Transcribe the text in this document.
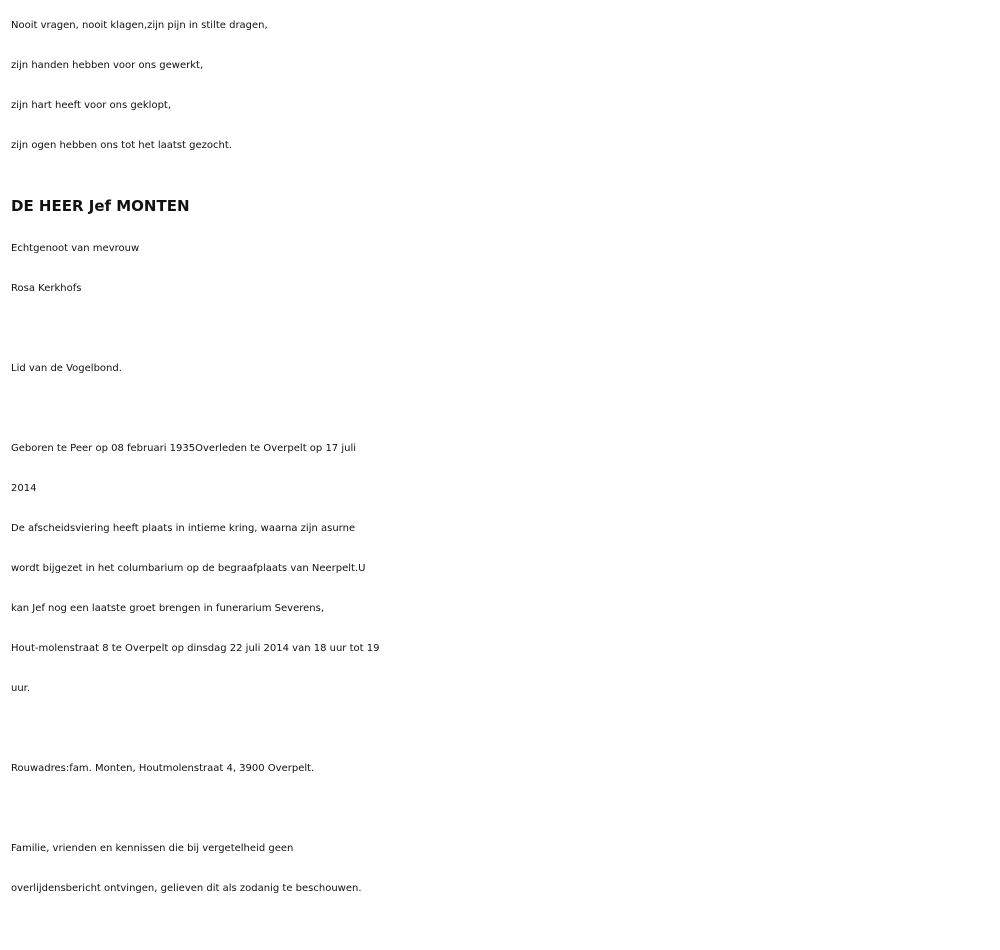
Nooit vragen, nooit klagen,zijn pijn in stilte dragen,
zijn handen hebben voor ons gewerkt,
zijn hart heeft voor ons geklopt,
zijn ogen hebben ons tot het laatst gezocht.
DE HEER Jef MONTEN
Echtgenoot van mevrouw
Rosa Kerkhofs
Lid van de Vogelbond.
Geboren te Peer op 08 februari 1935Overleden te Overpelt op 17 juli
2014
De afscheidsviering heeft plaats in intieme kring, waarna zijn asurne
wordt bijgezet in het columbarium op de begraafplaats van Neerpelt.U
kan Jef nog een laatste groet brengen in funerarium Severens,
Hout-molenstraat 8 te Overpelt op dinsdag 22 juli 2014 van 18 uur tot 19
uur.
Rouwadres:fam. Monten, Houtmolenstraat 4, 3900 Overpelt.
Familie, vrienden en kennissen die bij vergetelheid geen
overlijdensbericht ontvingen, gelieven dit als zodanig te beschouwen.
